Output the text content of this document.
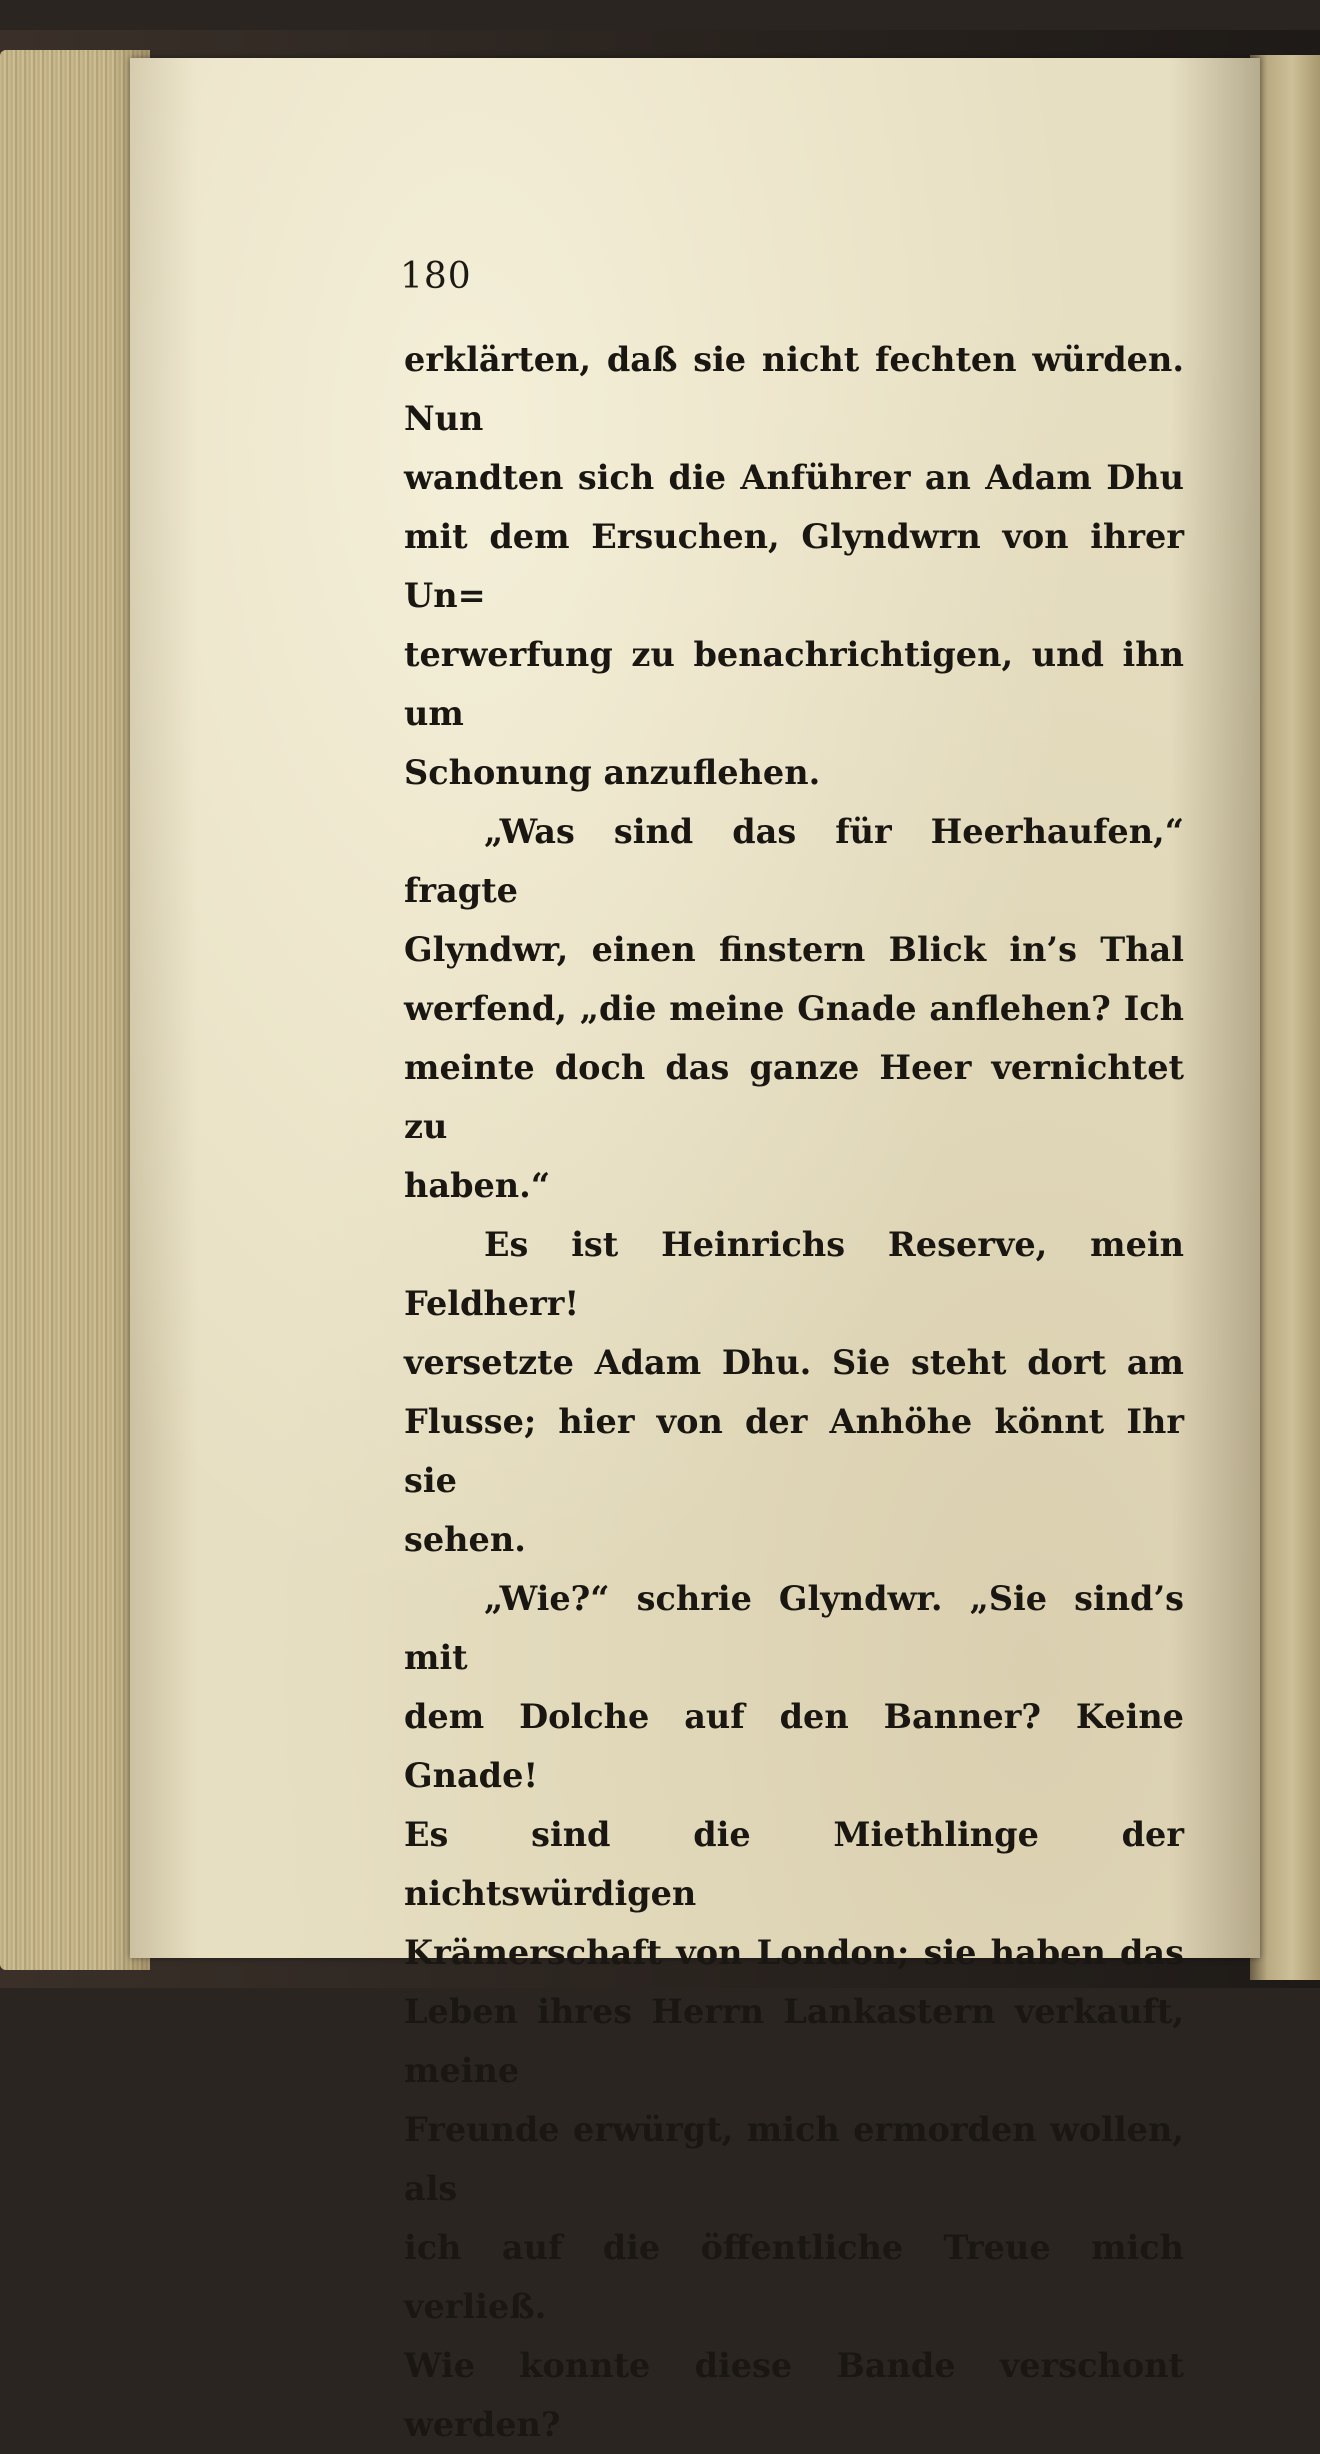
180

erklärten, daß sie nicht fechten würden. Nun
wandten sich die Anführer an Adam Dhu
mit dem Ersuchen, Glyndwrn von ihrer Un=
terwerfung zu benachrichtigen, und ihn um

Schonung anzuflehen.

„Was sind das für Heerhaufen,“ fragte
Glyndwr, einen finstern Blick in’s Thal
werfend, „die meine Gnade anflehen? Ich
meinte doch das ganze Heer vernichtet zu

haben.“

Es ist Heinrichs Reserve, mein Feldherr!
versetzte Adam Dhu. Sie steht dort am
Flusse; hier von der Anhöhe könnt Ihr sie

sehen.

„Wie?“ schrie Glyndwr. „Sie sind’s mit
dem Dolche auf den Banner? Keine Gnade!
Es sind die Miethlinge der nichtswürdigen
Krämerschaft von London; sie haben das
Leben ihres Herrn Lankastern verkauft, meine
Freunde erwürgt, mich ermorden wollen, als
ich auf die öffentliche Treue mich verließ.
Wie konnte diese Bande verschont werden?
